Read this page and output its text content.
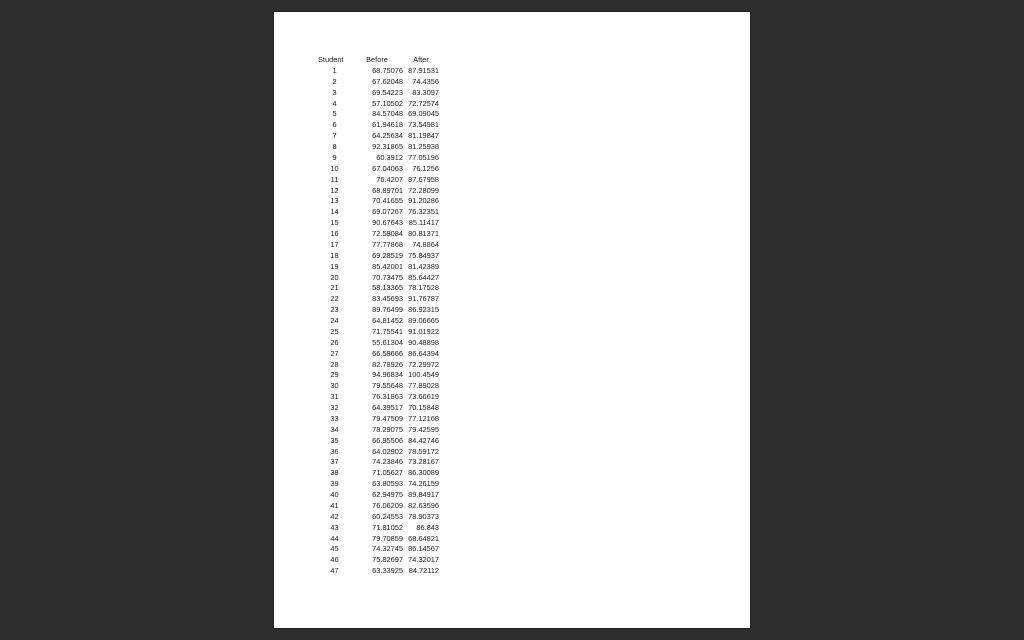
Student	Before	After
1	68.75076	87.91531
2	67.62048	74.4356
3	69.54223	83.3097
4	57.10502	72.72574
5	84.57048	69.09045
6	61.94618	73.54981
7	64.25634	81.19847
8	92.31865	81.25938
9	60.3912	77.05196
10	67.04063	76.1256
11	76.4207	87.67958
12	68.89701	72.28099
13	70.41655	91.20286
14	69.07267	76.32351
15	90.67643	85.11417
16	72.58084	80.81371
17	77.77868	74.8864
18	69.28519	75.84937
19	85.42001	81.42389
20	70.73475	85.64427
21	58.13365	78.17528
22	83.45693	91.76787
23	89.76499	86.92315
24	64.81452	89.06665
25	71.75541	91.01922
26	55.61304	90.48898
27	66.58666	86.64394
28	82.78926	72.29972
29	94.96834	100.4549
30	79.55648	77.89028
31	76.31863	73.66619
32	64.39517	70.15848
33	79.47509	77.12168
34	78.29075	79.42595
35	66.95506	84.42746
36	64.02902	78.59172
37	74.23846	73.28167
38	71.05627	86.30089
39	63.80593	74.26159
40	62.94975	89.84917
41	76.06209	82.63596
42	60.24553	78.90373
43	71.81052	86.843
44	79.70859	68.64821
45	74.32745	86.14567
46	75.82697	74.32017
47	63.33925	84.72112
